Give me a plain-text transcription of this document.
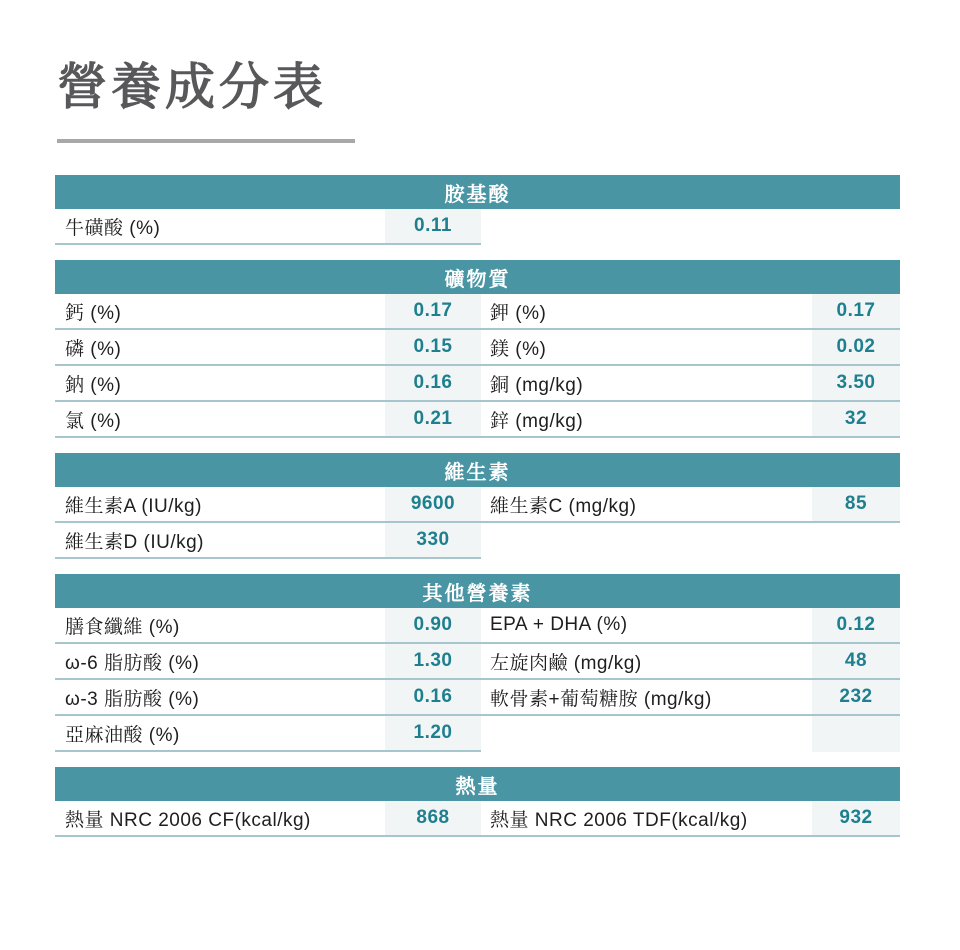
營養成分表
胺基酸
牛磺酸 (%)	0.11
礦物質
鈣 (%)	0.17	鉀 (%)	0.17
磷 (%)	0.15	鎂 (%)	0.02
鈉 (%)	0.16	銅 (mg/kg)	3.50
氯 (%)	0.21	鋅 (mg/kg)	32
維生素
維生素A (IU/kg)	9600	維生素C (mg/kg)	85
維生素D (IU/kg)	330
其他營養素
膳食纖維 (%)	0.90	EPA + DHA (%)	0.12
ω-6 脂肪酸 (%)	1.30	左旋肉鹼 (mg/kg)	48
ω-3 脂肪酸 (%)	0.16	軟骨素+葡萄糖胺 (mg/kg)	232
亞麻油酸 (%)	1.20
熱量
熱量 NRC 2006 CF(kcal/kg)	868	熱量 NRC 2006 TDF(kcal/kg)	932
